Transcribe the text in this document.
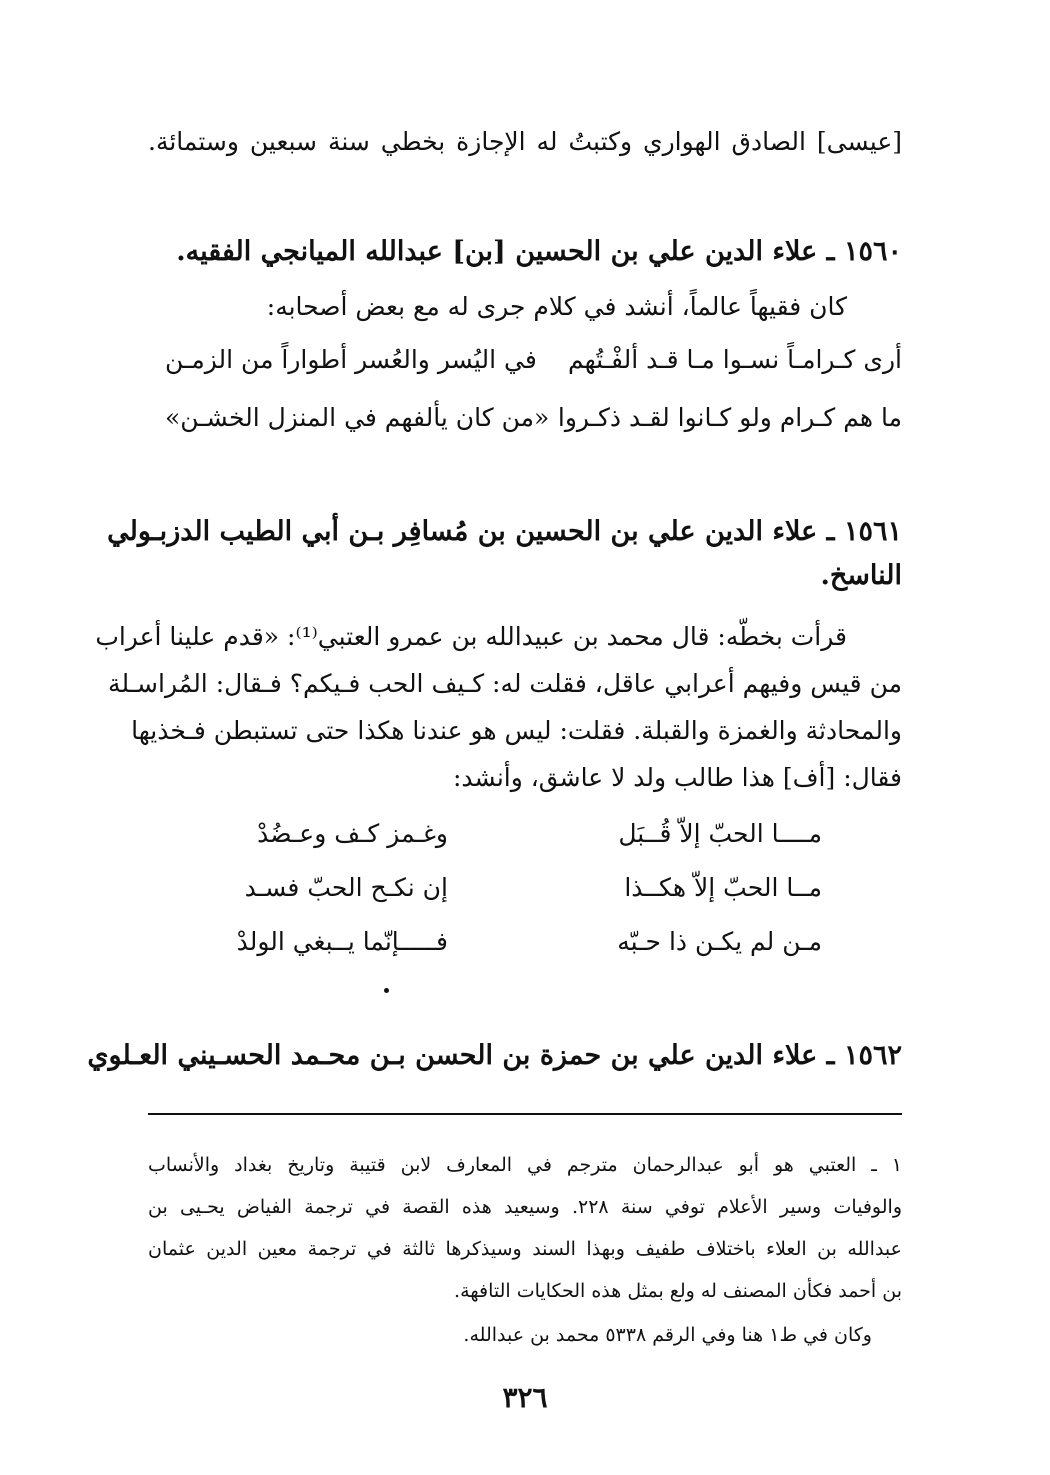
[عيسى] الصادق الهواري وكتبتُ له الإجازة بخطي سنة سبعين وستمائة.
١٥٦٠ ـ علاء الدين علي بن الحسين [بن] عبدالله الميانجي الفقيه.
كان فقيهاً عالماً، أنشد في كلام جرى له مع بعض أصحابه:
أرى كـرامـاً نسـوا مـا قـد ألفْـتُهم
في اليُسر والعُسر أطواراً من الزمـن
ما هم كـرام ولو كـانوا لقـد ذكـروا
«من كان يألفهم في المنزل الخشـن»
١٥٦١ ـ علاء الدين علي بن الحسين بن مُسافِر بـن أبي الطيب الدزبـولي
الناسخ.
قرأت بخطّه: قال محمد بن عبيدالله بن عمرو العتبي⁽¹⁾: «قدم علينا أعراب
من قيس وفيهم أعرابي عاقل، فقلت له: كـيف الحب فـيكم؟ فـقال: المُراسـلة
والمحادثة والغمزة والقبلة. فقلت: ليس هو عندنا هكذا حتى تستبطن فـخذيها
فقال: [أف] هذا طالب ولد لا عاشق، وأنشد:
مــــا الحبّ إلاّ قُــبَل
وغـمز كـف وعـضُدْ
مــا الحبّ إلاّ هكــذا
إن نكـح الحبّ فسـد
مـن لم يكـن ذا حـبّه
فـــــإنّما يــبغي الولدْ
١٥٦٢ ـ علاء الدين علي بن حمزة بن الحسن بـن محـمد الحسـيني العـلوي
١ ـ العتبي هو أبو عبدالرحمان مترجم في المعارف لابن قتيبة وتاريخ بغداد والأنساب
والوفيات وسير الأعلام توفي سنة ٢٢٨. وسيعيد هذه القصة في ترجمة الفياض يحـيى بن
عبدالله بن العلاء باختلاف طفيف وبهذا السند وسيذكرها ثالثة في ترجمة معين الدين عثمان
بن أحمد فكأن المصنف له ولع بمثل هذه الحكايات التافهة.
وكان في ط١ هنا وفي الرقم ٥٣٣٨ محمد بن عبدالله.
٣٢٦
